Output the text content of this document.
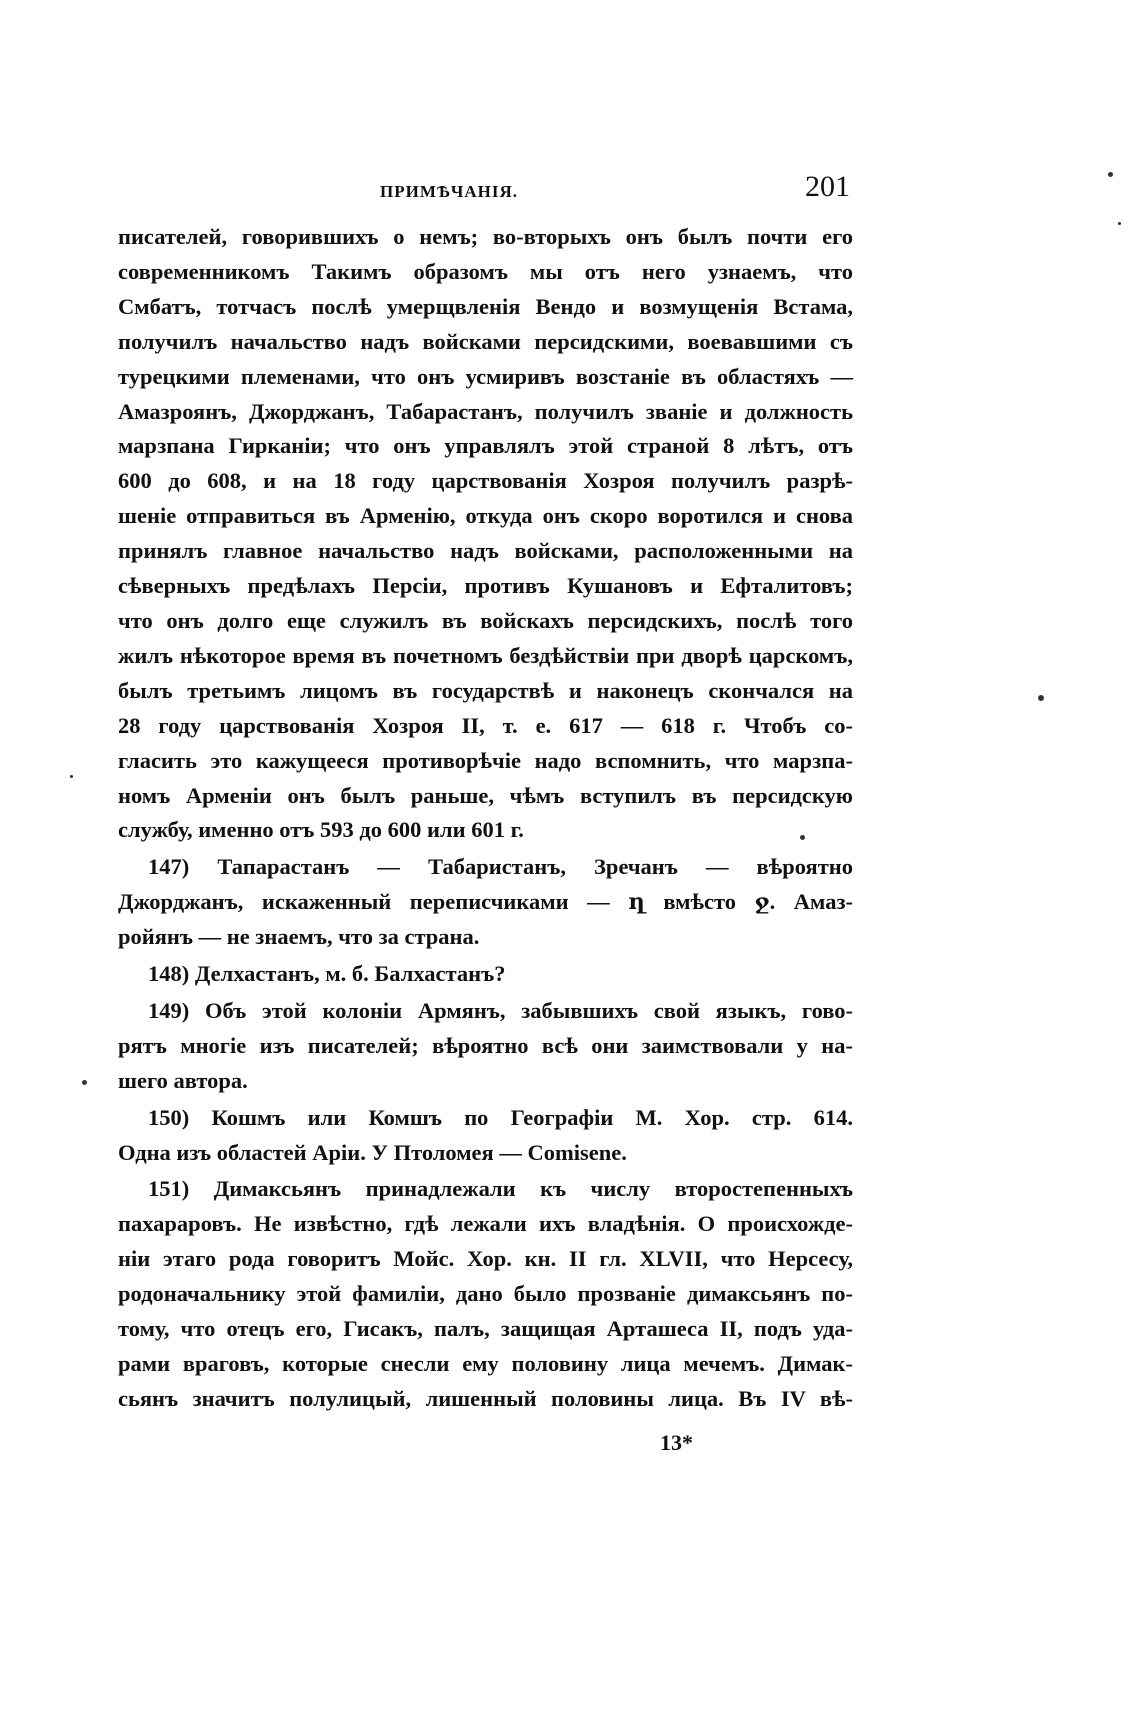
ПРИМѢЧАНІЯ.	201
писателей, говорившихъ о немъ; во-вторыхъ онъ былъ почти его
современникомъ Такимъ образомъ мы отъ него узнаемъ, что
Смбатъ, тотчасъ послѣ умерщвленія Вендо и возмущенія Встама,
получилъ начальство надъ войсками персидскими, воевавшими съ
турецкими племенами, что онъ усмиривъ возстаніе въ областяхъ —
Амазроянъ, Джорджанъ, Табарастанъ, получилъ званіе и должность
марзпана Гирканіи; что онъ управлялъ этой страной 8 лѣтъ, отъ
600 до 608, и на 18 году царствованія Хозроя получилъ разрѣ-
шеніе отправиться въ Арменію, откуда онъ скоро воротился и снова
принялъ главное начальство надъ войсками, расположенными на
сѣверныхъ предѣлахъ Персіи, противъ Кушановъ и Ефталитовъ;
что онъ долго еще служилъ въ войскахъ персидскихъ, послѣ того
жилъ нѣкоторое время въ почетномъ бездѣйствіи при дворѣ царскомъ,
былъ третьимъ лицомъ въ государствѣ и наконецъ скончался на
28 году царствованія Хозроя II, т. е. 617 — 618 г. Чтобъ со-
гласить это кажущееся противорѣчіе надо вспомнить, что марзпа-
номъ Арменіи онъ былъ раньше, чѣмъ вступилъ въ персидскую
службу, именно отъ 593 до 600 или 601 г.
147) Тапарастанъ — Табаристанъ, Зречанъ — вѣроятно
Джорджанъ, искаженный переписчиками — ղ вмѣсто ջ. Амаз-
ройянъ — не знаемъ, что за страна.
148) Делхастанъ, м. б. Балхастанъ?
149) Объ этой колоніи Армянъ, забывшихъ свой языкъ, гово-
рятъ многіе изъ писателей; вѣроятно всѣ они заимствовали у на-
шего автора.
150) Кошмъ или Комшъ по Географіи М. Хор. стр. 614.
Одна изъ областей Аріи. У Птоломея — Comisene.
151) Димаксьянъ принадлежали къ числу второстепенныхъ
пахараровъ. Не извѣстно, гдѣ лежали ихъ владѣнія. О происхожде-
ніи этаго рода говоритъ Мойс. Хор. кн. II гл. XLVII, что Нерсесу,
родоначальнику этой фамиліи, дано было прозваніе димаксьянъ по-
тому, что отецъ его, Гисакъ, палъ, защищая Арташеса II, подъ уда-
рами враговъ, которые снесли ему половину лица мечемъ. Димак-
сьянъ значитъ полулицый, лишенный половины лица. Въ IV вѣ-
13*
